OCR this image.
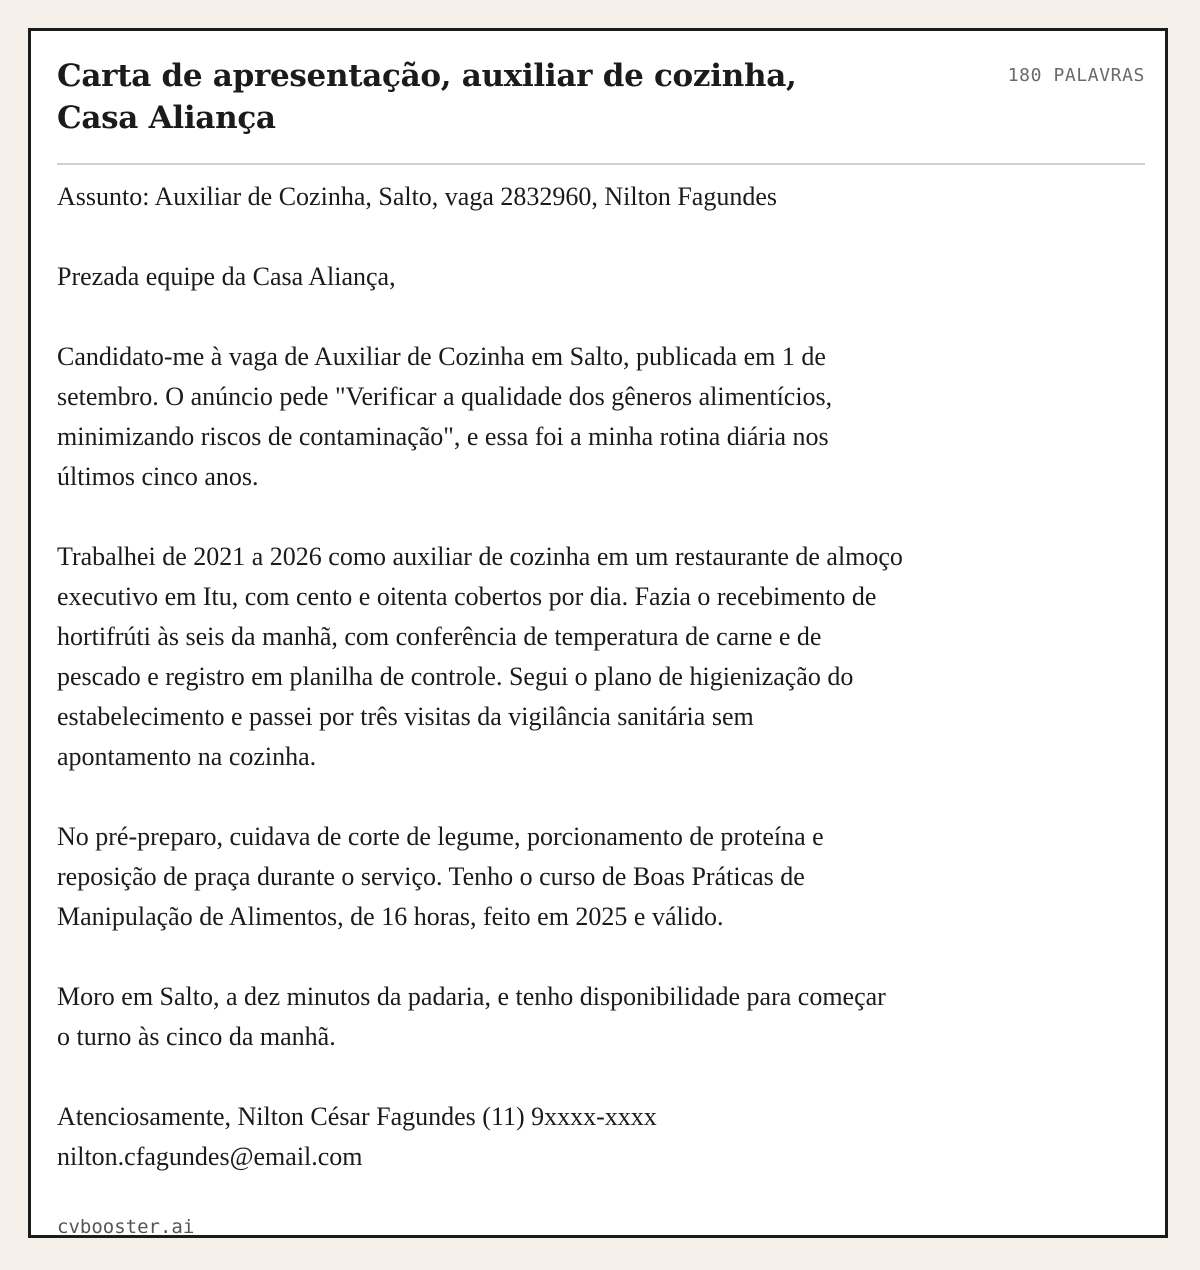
Carta de apresentação, auxiliar de cozinha,
Casa Aliança
180 PALAVRAS

Assunto: Auxiliar de Cozinha, Salto, vaga 2832960, Nilton Fagundes

Prezada equipe da Casa Aliança,

Candidato-me à vaga de Auxiliar de Cozinha em Salto, publicada em 1 de
setembro. O anúncio pede "Verificar a qualidade dos gêneros alimentícios,
minimizando riscos de contaminação", e essa foi a minha rotina diária nos
últimos cinco anos.

Trabalhei de 2021 a 2026 como auxiliar de cozinha em um restaurante de almoço
executivo em Itu, com cento e oitenta cobertos por dia. Fazia o recebimento de
hortifrúti às seis da manhã, com conferência de temperatura de carne e de
pescado e registro em planilha de controle. Segui o plano de higienização do
estabelecimento e passei por três visitas da vigilância sanitária sem
apontamento na cozinha.

No pré-preparo, cuidava de corte de legume, porcionamento de proteína e
reposição de praça durante o serviço. Tenho o curso de Boas Práticas de
Manipulação de Alimentos, de 16 horas, feito em 2025 e válido.

Moro em Salto, a dez minutos da padaria, e tenho disponibilidade para começar
o turno às cinco da manhã.

Atenciosamente, Nilton César Fagundes (11) 9xxxx-xxxx
nilton.cfagundes@email.com

cvbooster.ai
